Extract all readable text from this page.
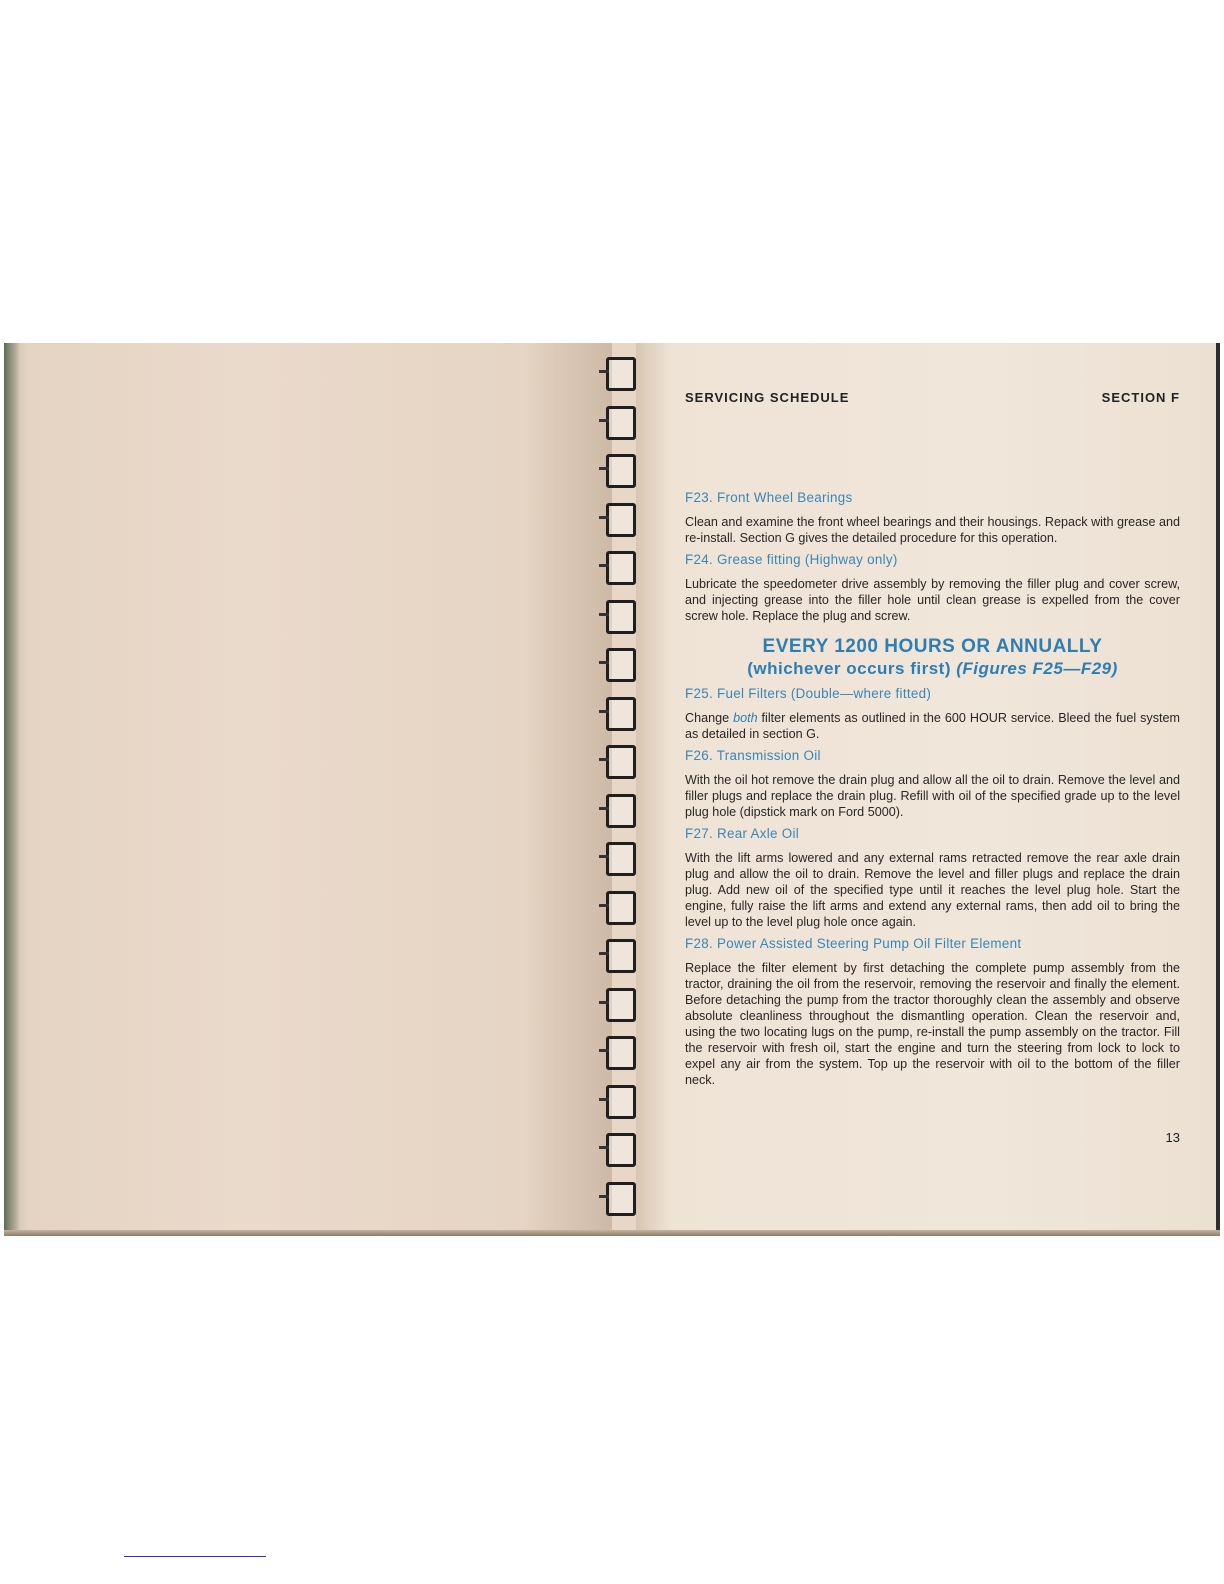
SERVICING SCHEDULE	SECTION F
F23. Front Wheel Bearings

Clean and examine the front wheel bearings and their housings. Repack with grease and re-install. Section G gives the detailed procedure for this operation.

F24. Grease fitting (Highway only)

Lubricate the speedometer drive assembly by removing the filler plug and cover screw, and injecting grease into the filler hole until clean grease is expelled from the cover screw hole. Replace the plug and screw.

EVERY 1200 HOURS OR ANNUALLY
(whichever occurs first) (Figures F25—F29)
F25. Fuel Filters (Double—where fitted)

Change both filter elements as outlined in the 600 HOUR service. Bleed the fuel system as detailed in section G.

F26. Transmission Oil

With the oil hot remove the drain plug and allow all the oil to drain. Remove the level and filler plugs and replace the drain plug. Refill with oil of the specified grade up to the level plug hole (dipstick mark on Ford 5000).

F27. Rear Axle Oil

With the lift arms lowered and any external rams retracted remove the rear axle drain plug and allow the oil to drain. Remove the level and filler plugs and replace the drain plug. Add new oil of the specified type until it reaches the level plug hole. Start the engine, fully raise the lift arms and extend any external rams, then add oil to bring the level up to the level plug hole once again.

F28. Power Assisted Steering Pump Oil Filter Element

Replace the filter element by first detaching the complete pump assembly from the tractor, draining the oil from the reservoir, removing the reservoir and finally the element. Before detaching the pump from the tractor thoroughly clean the assembly and observe absolute cleanliness throughout the dismantling operation. Clean the reservoir and, using the two locating lugs on the pump, re-install the pump assembly on the tractor. Fill the reservoir with fresh oil, start the engine and turn the steering from lock to lock to expel any air from the system. Top up the reservoir with oil to the bottom of the filler neck.

13
